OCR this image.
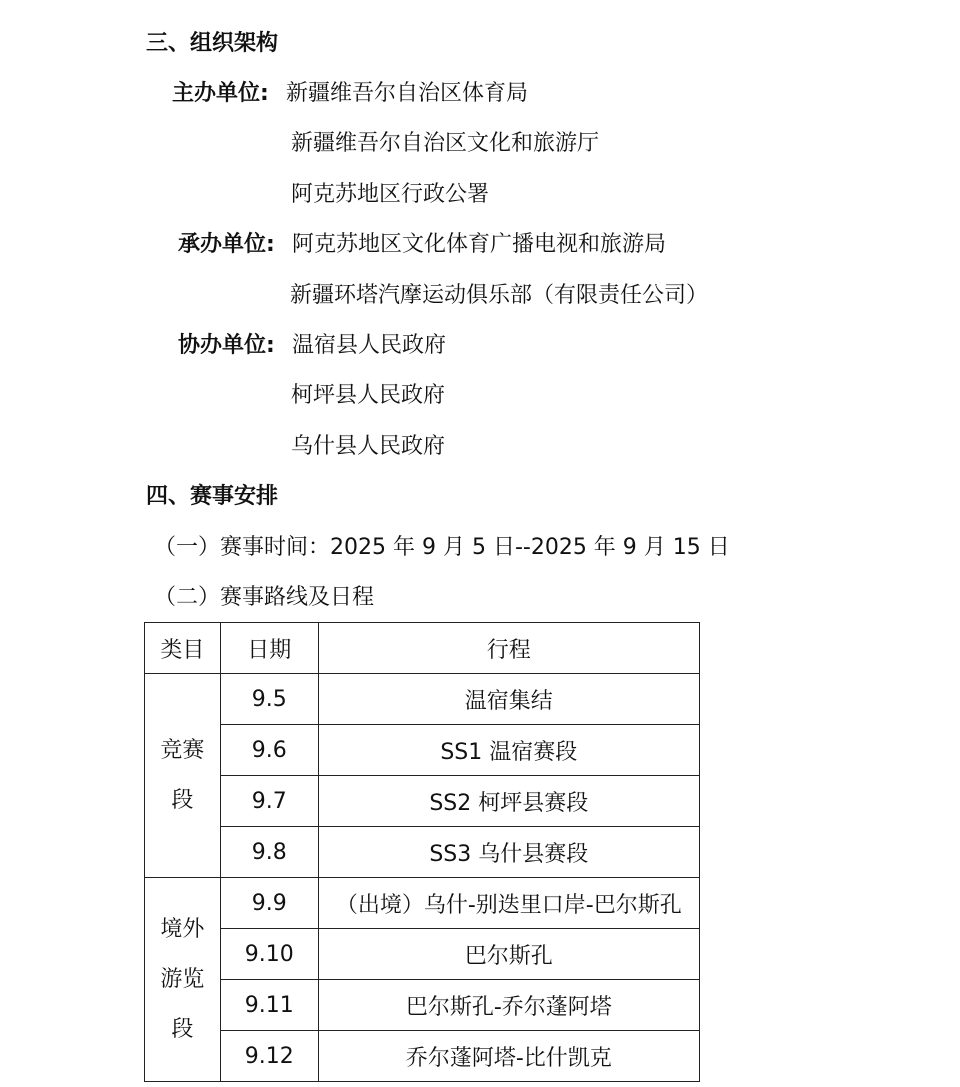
三、组织架构
主办单位: 新疆维吾尔自治区体育局
新疆维吾尔自治区文化和旅游厅
阿克苏地区行政公署
承办单位: 阿克苏地区文化体育广播电视和旅游局
新疆环塔汽摩运动俱乐部（有限责任公司）
协办单位: 温宿县人民政府
柯坪县人民政府
乌什县人民政府
四、赛事安排
（一）赛事时间：2025 年 9 月 5 日--2025 年 9 月 15 日
（二）赛事路线及日程
类目	日期	行程
竞赛段	9.5	温宿集结
	9.6	SS1 温宿赛段
	9.7	SS2 柯坪县赛段
	9.8	SS3 乌什县赛段
境外游览段	9.9	（出境）乌什-别迭里口岸-巴尔斯孔
	9.10	巴尔斯孔
	9.11	巴尔斯孔-乔尔蓬阿塔
	9.12	乔尔蓬阿塔-比什凯克
